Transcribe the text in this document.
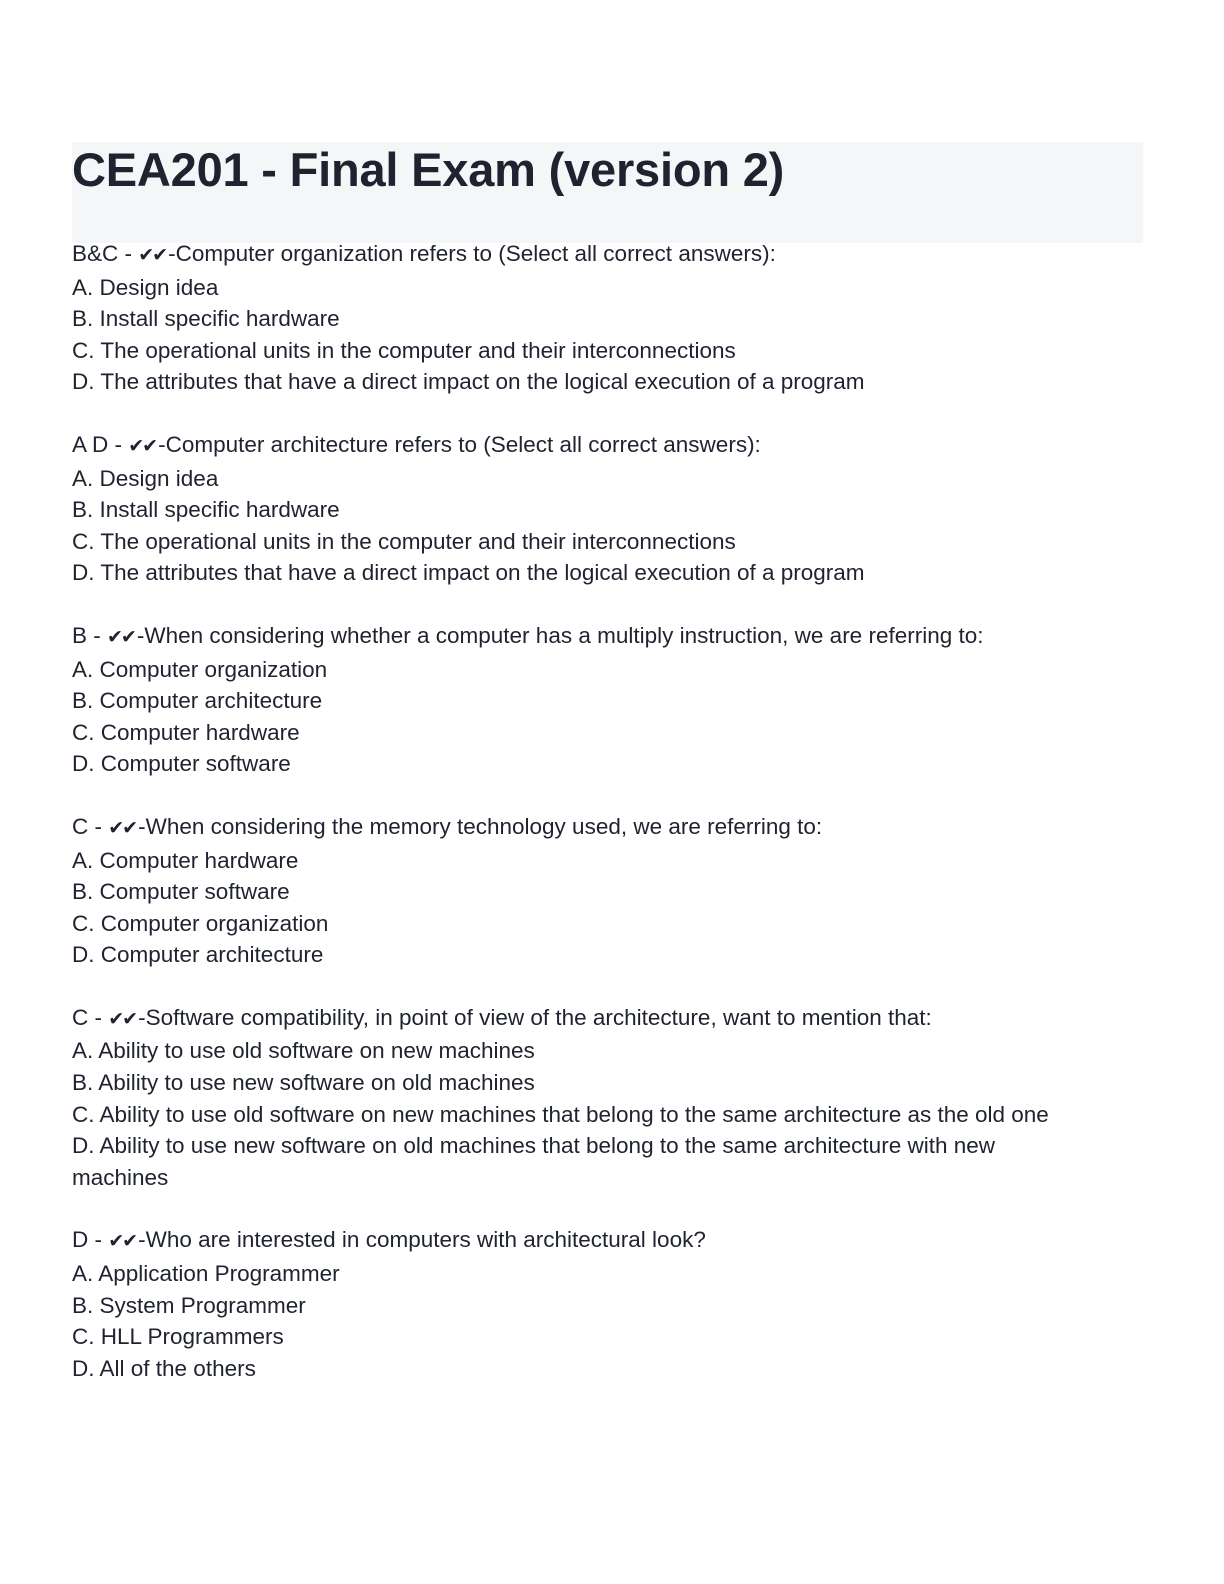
CEA201 - Final Exam (version 2)
B&C - ✔✔-Computer organization refers to (Select all correct answers):
A. Design idea
B. Install specific hardware
C. The operational units in the computer and their interconnections
D. The attributes that have a direct impact on the logical execution of a program
A D - ✔✔-Computer architecture refers to (Select all correct answers):
A. Design idea
B. Install specific hardware
C. The operational units in the computer and their interconnections
D. The attributes that have a direct impact on the logical execution of a program
B - ✔✔-When considering whether a computer has a multiply instruction, we are referring to:
A. Computer organization
B. Computer architecture
C. Computer hardware
D. Computer software
C - ✔✔-When considering the memory technology used, we are referring to:
A. Computer hardware
B. Computer software
C. Computer organization
D. Computer architecture
C - ✔✔-Software compatibility, in point of view of the architecture, want to mention that:
A. Ability to use old software on new machines
B. Ability to use new software on old machines
C. Ability to use old software on new machines that belong to the same architecture as the old one
D. Ability to use new software on old machines that belong to the same architecture with new machines
D - ✔✔-Who are interested in computers with architectural look?
A. Application Programmer
B. System Programmer
C. HLL Programmers
D. All of the others
